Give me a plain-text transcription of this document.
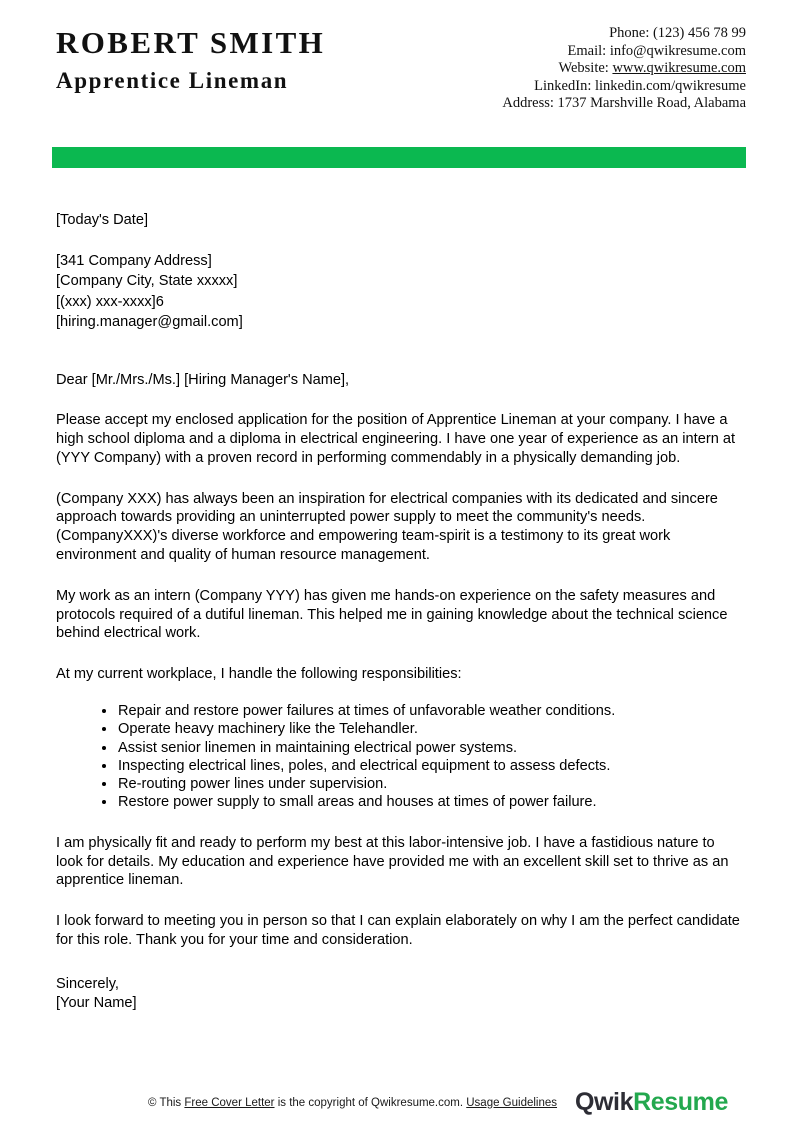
ROBERT SMITH
Apprentice Lineman
Phone: (123) 456 78 99
Email: info@qwikresume.com
Website: www.qwikresume.com
LinkedIn: linkedin.com/qwikresume
Address: 1737 Marshville Road, Alabama
[Today's Date]
[341 Company Address]
[Company City, State xxxxx]
[(xxx) xxx-xxxx]6
[hiring.manager@gmail.com]
Dear [Mr./Mrs./Ms.] [Hiring Manager's Name],

Please accept my enclosed application for the position of Apprentice Lineman at your company. I have a high school diploma and a diploma in electrical engineering. I have one year of experience as an intern at (YYY Company) with a proven record in performing commendably in a physically demanding job.

(Company XXX) has always been an inspiration for electrical companies with its dedicated and sincere approach towards providing an uninterrupted power supply to meet the community's needs. (CompanyXXX)'s diverse workforce and empowering team-spirit is a testimony to its great work environment and quality of human resource management.

My work as an intern (Company YYY) has given me hands-on experience on the safety measures and protocols required of a dutiful lineman. This helped me in gaining knowledge about the technical science behind electrical work.

At my current workplace, I handle the following responsibilities:

Repair and restore power failures at times of unfavorable weather conditions.
Operate heavy machinery like the Telehandler.
Assist senior linemen in maintaining electrical power systems.
Inspecting electrical lines, poles, and electrical equipment to assess defects.
Re-routing power lines under supervision.
Restore power supply to small areas and houses at times of power failure.

I am physically fit and ready to perform my best at this labor-intensive job. I have a fastidious nature to look for details. My education and experience have provided me with an excellent skill set to thrive as an apprentice lineman.

I look forward to meeting you in person so that I can explain elaborately on why I am the perfect candidate for this role. Thank you for your time and consideration.

Sincerely,
[Your Name]
© This Free Cover Letter is the copyright of Qwikresume.com. Usage Guidelines QwikResume
